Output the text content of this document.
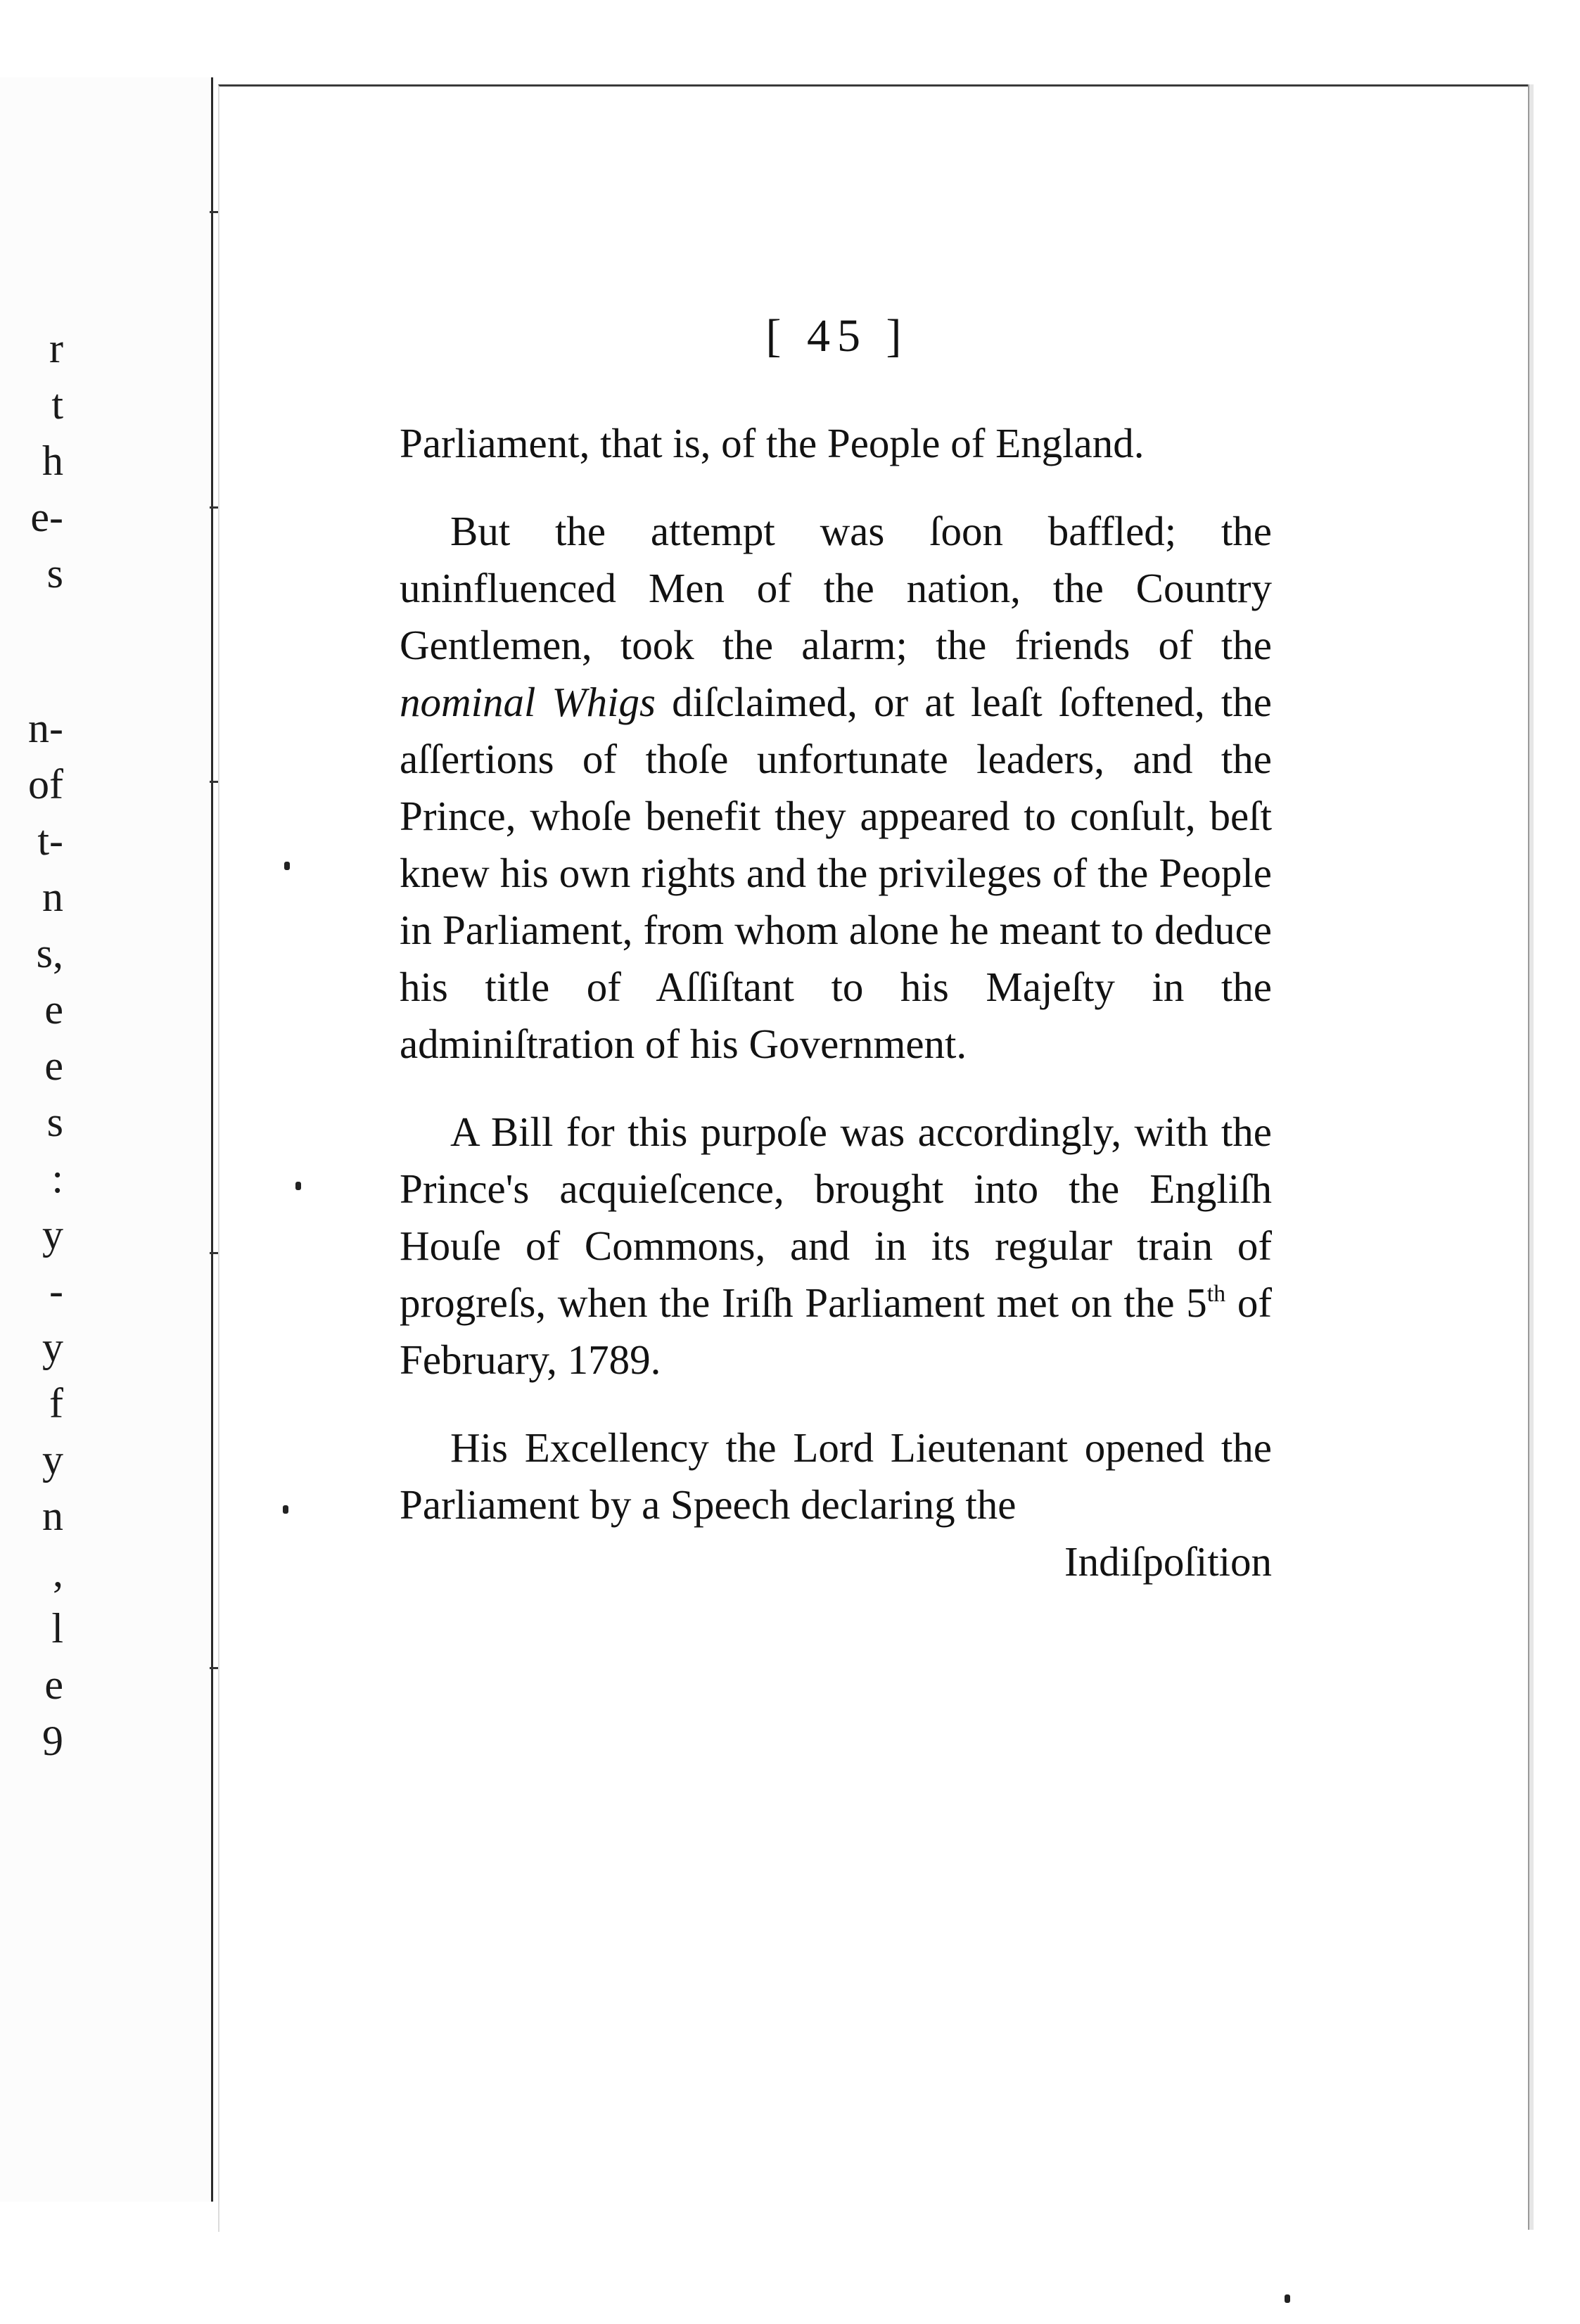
r
t
h
e-
s
n-
of
t-
n
s,
e
e
s
:
y
-
y
f
y
n
,
l
e
9
[ 45 ]

Parliament, that is, of the People of England.

But the attempt was ſoon baffled; the uninfluenced Men of the nation, the Country Gentlemen, took the alarm; the friends of the nominal Whigs diſclaimed, or at leaſt ſoftened, the aſſertions of thoſe unfortunate leaders, and the Prince, whoſe benefit they appeared to conſult, beſt knew his own rights and the privileges of the People in Parliament, from whom alone he meant to deduce his title of Aſſiſtant to his Majeſty in the adminiſtration of his Government.

A Bill for this purpoſe was accordingly, with the Prince's acquieſcence, brought into the Engliſh Houſe of Commons, and in its regular train of progreſs, when the Iriſh Parliament met on the 5th of February, 1789.

His Excellency the Lord Lieutenant opened the Parliament by a Speech declaring the

Indiſpoſition
